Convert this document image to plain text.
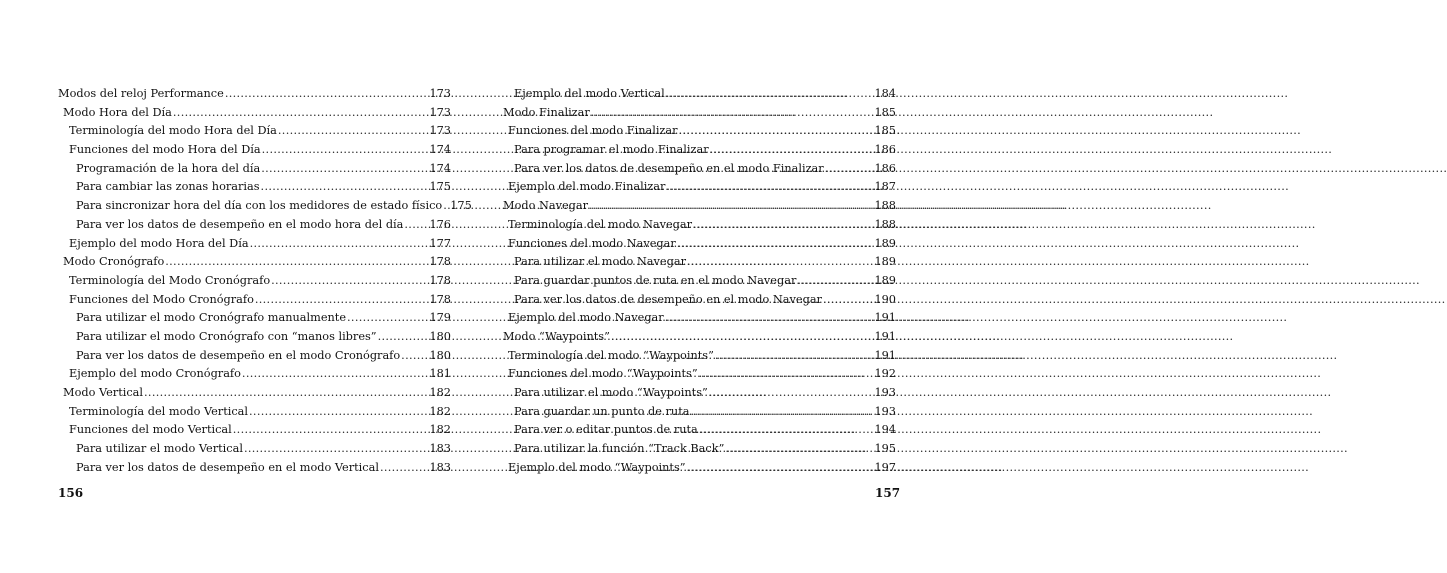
Modos del reloj Performance .....	173
Modo Hora del Día .....	173
Terminología del modo Hora del Día .....	173
Funciones del modo Hora del Día .....	174
Programación de la hora del día .....	174
Para cambiar las zonas horarias .....	175
Para sincronizar hora del día con los medidores de estado físico ..... 175
Para ver los datos de desempeño en el modo hora del día ..... 176
Ejemplo del modo Hora del Día .....	177
Modo Cronógrafo .....	178
Terminología del Modo Cronógrafo .....	178
Funciones del Modo Cronógrafo .....	178
Para utilizar el modo Cronógrafo manualmente .....	179
Para utilizar el modo Cronógrafo con “manos libres” .....	180
Para ver los datos de desempeño en el modo Cronógrafo .....	180
Ejemplo del modo Cronógrafo .....	181
Modo Vertical .....	182
Terminología del modo Vertical .....	182
Funciones del modo Vertical .....	182
Para utilizar el modo Vertical .....	183
Para ver los datos de desempeño en el modo Vertical .....	183
Ejemplo del modo Vertical .....	184
Modo Finalizar .....	185
Funciones del modo Finalizar .....	185
Para programar el modo Finalizar .....	186
Para ver los datos de desempeño en el modo Finalizar .....	186
Ejemplo del modo Finalizar .....	187
Modo Navegar .....	188
Terminología del modo Navegar .....	188
Funciones del modo Navegar .....	189
Para utilizar el modo Navegar .....	189
Para guardar puntos de ruta en el modo Navegar .....	189
Para ver los datos de desempeño en el modo Navegar .....	190
Ejemplo del modo Navegar .....	191
Modo “Waypoints” .....	191
Terminología del modo “Waypoints” .....	191
Funciones del modo “Waypoints” .....	192
Para utilizar el modo “Waypoints” .....	193
Para guardar un punto de ruta .....	193
Para ver o editar puntos de ruta .....	194
Para utilizar la función “Track Back” .....	195
Ejemplo del modo “Waypoints” .....	197
156	157
